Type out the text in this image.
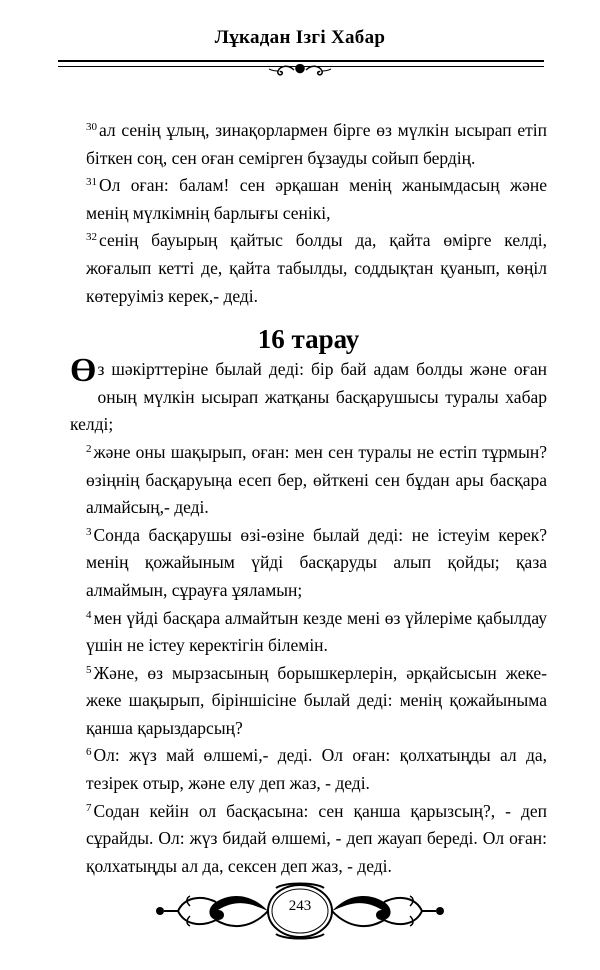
Лұкадан Ізгі Хабар

$^{30}$ ал сенің ұлың, зинақорлармен бірге өз мүлкін ысырап етіп біткен соң, сен оған семірген бұзауды сойып бердің.

$^{31}$ Ол оған: балам! сен әрқашан менің жанымдасың және менің мүлкімнің барлығы сенікі,

$^{32}$ сенің бауырың қайтыс болды да, қайта өмірге келді, жоғалып кетті де, қайта табылды, соддықтан қуанып, көңіл көтеруіміз керек,- деді.

16 тарау

Өз шәкірттеріне былай деді: бір бай адам болды және оған оның мүлкін ысырап жатқаны басқарушысы туралы хабар келді;

$^2$ және оны шақырып, оған: мен сен туралы не естіп тұрмын? өзіңнің басқаруыңа есеп бер, өйткені сен бұдан ары басқара алмайсың,- деді.

$^3$ Сонда басқарушы өзі-өзіне былай деді: не істеуім керек? менің қожайыным үйді басқаруды алып қойды; қаза алмаймын, сұрауға ұяламын;

$^4$ мен үйді басқара алмайтын кезде мені өз үйлеріме қабылдау үшін не істеу керектігін білемін.

$^5$ Және, өз мырзасының борышкерлерін, әрқайсысын жеке-жеке шақырып, біріншісіне былай деді: менің қожайыныма қанша қарыздарсың?

$^6$ Ол: жүз май өлшемі,- деді. Ол оған: қолхатыңды ал да, тезірек отыр, және елу деп жаз, - деді.

$^7$ Содан кейін ол басқасына: сен қанша қарызсың?, - деп сұрайды. Ол: жүз бидай өлшемі, - деп жауап береді. Ол оған: қолхатыңды ал да, сексен деп жаз, - деді.

243
